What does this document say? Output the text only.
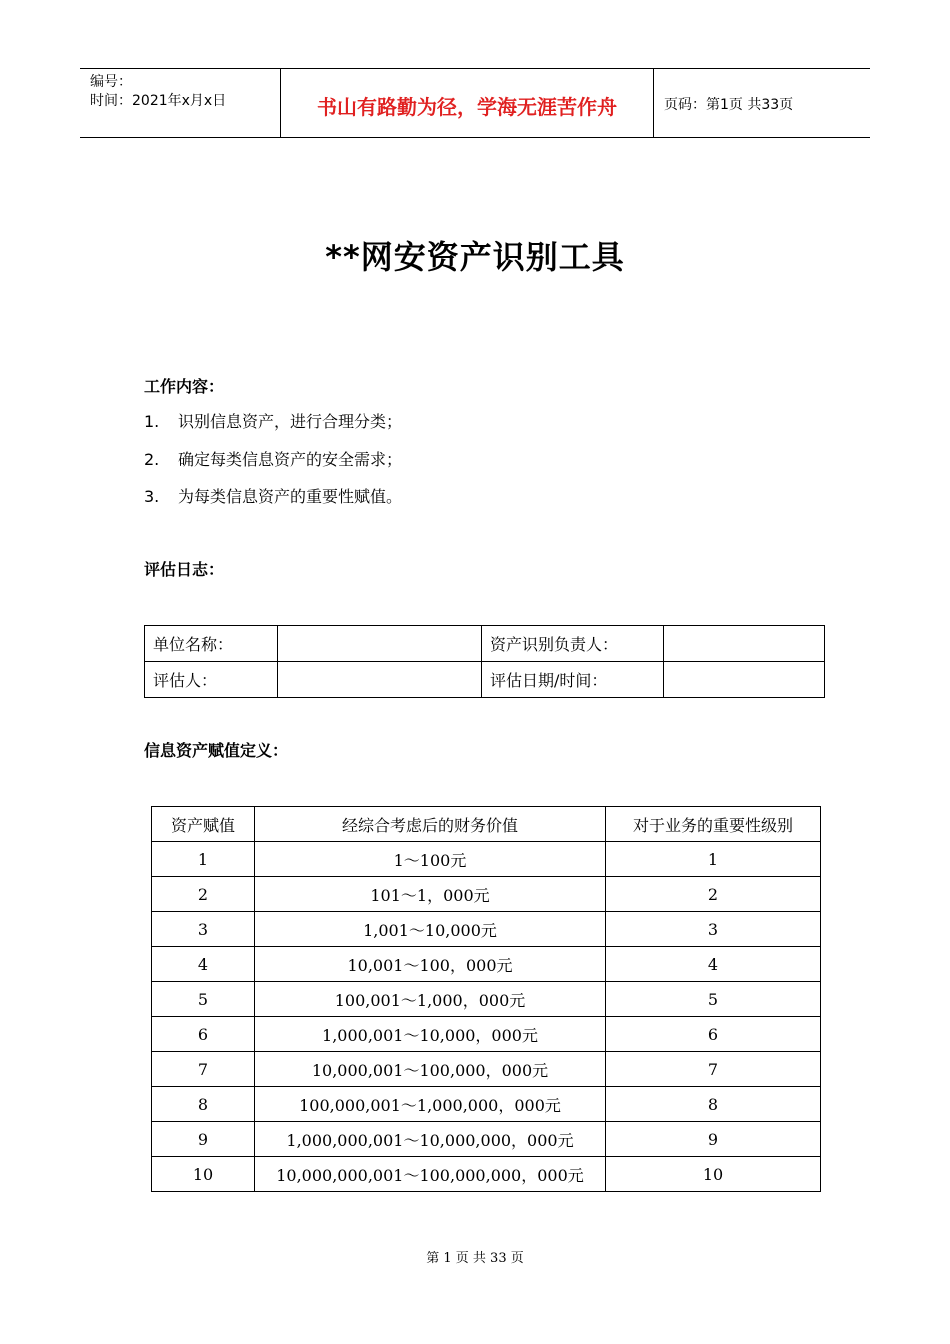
编号：
时间：2021年x月x日	书山有路勤为径，学海无涯苦作舟	页码：第1页 共33页
**网安资产识别工具
工作内容：
1. 识别信息资产，进行合理分类；
2. 确定每类信息资产的安全需求；
3. 为每类信息资产的重要性赋值。
评估日志：
单位名称：		资产识别负责人：	
评估人：		评估日期/时间：	
信息资产赋值定义：
资产赋值	经综合考虑后的财务价值	对于业务的重要性级别
1	1～100元	1
2	101～1，000元	2
3	1,001～10,000元	3
4	10,001～100，000元	4
5	100,001～1,000，000元	5
6	1,000,001～10,000，000元	6
7	10,000,001～100,000，000元	7
8	100,000,001～1,000,000，000元	8
9	1,000,000,001～10,000,000，000元	9
10	10,000,000,001～100,000,000，000元	10
第 1 页 共 33 页
